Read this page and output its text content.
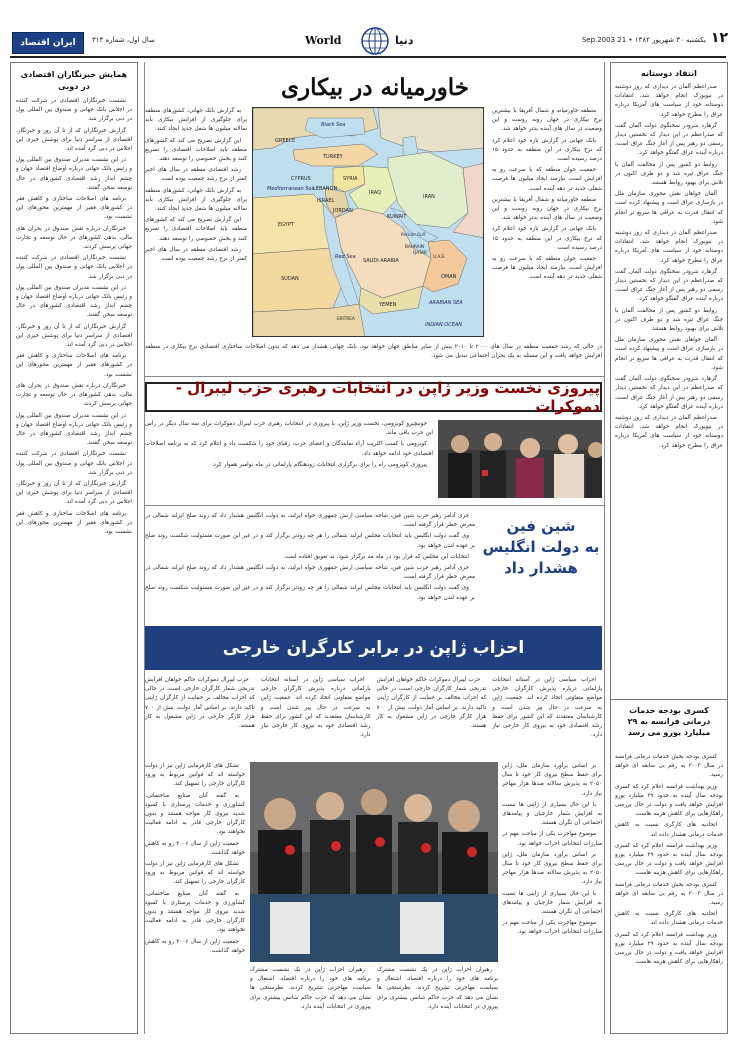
ايران اقتصاد سال اول، شماره ۳۱۴	World	دنیا	یکشنبه ۳۰ شهریور ۱۳۸۲ • 21 Sep.2003 ۱۲
همایش خبرنگاران اقتصادی در دوبی

نشست خبرنگاران اقتصادی در شرکت کننده در اجلاس بانک جهانی و صندوق بین المللی پول در دبی برگزار شد.

گزارش خبرنگاران که از تا آن روز و خبرنگار، اقتصادی از سراسر دنیا برای پوشش خبری این اجلاس در دبی گرد آمده اند.

در این نشست مدیران صندوق بین المللی پول و رئیس بانک جهانی درباره اوضاع اقتصاد جهان و چشم انداز رشد اقتصادی کشورهای در حال توسعه سخن گفتند.

برنامه های اصلاحات ساختاری و کاهش فقر در کشورهای فقیر از مهمترین محورهای این نشست بود.

خبرنگاران درباره نقش صندوق در بحران های مالی، بدهی کشورهای در حال توسعه و تجارت جهانی پرسش کردند.

نشست خبرنگاران اقتصادی در شرکت کننده در اجلاس بانک جهانی و صندوق بین المللی پول در دبی برگزار شد.

در این نشست مدیران صندوق بین المللی پول و رئیس بانک جهانی درباره اوضاع اقتصاد جهان و چشم انداز رشد اقتصادی کشورهای در حال توسعه سخن گفتند.

گزارش خبرنگاران که از تا آن روز و خبرنگار، اقتصادی از سراسر دنیا برای پوشش خبری این اجلاس در دبی گرد آمده اند.

برنامه های اصلاحات ساختاری و کاهش فقر در کشورهای فقیر از مهمترین محورهای این نشست بود.

خبرنگاران درباره نقش صندوق در بحران های مالی، بدهی کشورهای در حال توسعه و تجارت جهانی پرسش کردند.

در این نشست مدیران صندوق بین المللی پول و رئیس بانک جهانی درباره اوضاع اقتصاد جهان و چشم انداز رشد اقتصادی کشورهای در حال توسعه سخن گفتند.

نشست خبرنگاران اقتصادی در شرکت کننده در اجلاس بانک جهانی و صندوق بین المللی پول در دبی برگزار شد.

گزارش خبرنگاران که از تا آن روز و خبرنگار، اقتصادی از سراسر دنیا برای پوشش خبری این اجلاس در دبی گرد آمده اند.

برنامه های اصلاحات ساختاری و کاهش فقر در کشورهای فقیر از مهمترین محورهای این نشست بود.

انتقاد دوستانه

صدراعظم آلمان در دیداری که روز دوشنبه در نیویورک انجام خواهد شد، انتقادات دوستانه خود از سیاست های آمریکا درباره عراق را مطرح خواهد کرد.

گرهارد شرودر سخنگوی دولت آلمان گفت که صدراعظم در این دیدار که نخستین دیدار رسمی دو رهبر پس از آغاز جنگ عراق است، درباره آینده عراق گفتگو خواهد کرد.

روابط دو کشور پس از مخالفت آلمان با جنگ عراق تیره شد و دو طرف اکنون در تلاش برای بهبود روابط هستند.

آلمان خواهان نقش محوری سازمان ملل در بازسازی عراق است و پیشنهاد کرده است که انتقال قدرت به عراقی ها سریع تر انجام شود.

صدراعظم آلمان در دیداری که روز دوشنبه در نیویورک انجام خواهد شد، انتقادات دوستانه خود از سیاست های آمریکا درباره عراق را مطرح خواهد کرد.

گرهارد شرودر سخنگوی دولت آلمان گفت که صدراعظم در این دیدار که نخستین دیدار رسمی دو رهبر پس از آغاز جنگ عراق است، درباره آینده عراق گفتگو خواهد کرد.

روابط دو کشور پس از مخالفت آلمان با جنگ عراق تیره شد و دو طرف اکنون در تلاش برای بهبود روابط هستند.

آلمان خواهان نقش محوری سازمان ملل در بازسازی عراق است و پیشنهاد کرده است که انتقال قدرت به عراقی ها سریع تر انجام شود.

گرهارد شرودر سخنگوی دولت آلمان گفت که صدراعظم در این دیدار که نخستین دیدار رسمی دو رهبر پس از آغاز جنگ عراق است، درباره آینده عراق گفتگو خواهد کرد.

صدراعظم آلمان در دیداری که روز دوشنبه در نیویورک انجام خواهد شد، انتقادات دوستانه خود از سیاست های آمریکا درباره عراق را مطرح خواهد کرد.

کسری بودجه خدمات درمانی فرانسه به ۲۹ میلیارد یورو می رسد

کسری بودجه بخش خدمات درمانی فرانسه در سال ۲۰۰۳ به رقم بی سابقه ای خواهد رسید.

وزیر بهداشت فرانسه اعلام کرد که کسری بودجه سال آینده به حدود ۲۹ میلیارد یورو افزایش خواهد یافت و دولت در حال بررسی راهکارهایی برای کاهش هزینه هاست.

اتحادیه های کارگری نسبت به کاهش خدمات درمانی هشدار داده اند.

وزیر بهداشت فرانسه اعلام کرد که کسری بودجه سال آینده به حدود ۲۹ میلیارد یورو افزایش خواهد یافت و دولت در حال بررسی راهکارهایی برای کاهش هزینه هاست.

کسری بودجه بخش خدمات درمانی فرانسه در سال ۲۰۰۳ به رقم بی سابقه ای خواهد رسید.

اتحادیه های کارگری نسبت به کاهش خدمات درمانی هشدار داده اند.

وزیر بهداشت فرانسه اعلام کرد که کسری بودجه سال آینده به حدود ۲۹ میلیارد یورو افزایش خواهد یافت و دولت در حال بررسی راهکارهایی برای کاهش هزینه هاست.

خاورمیانه در بیکاری

منطقه خاورمیانه و شمال آفریقا با بیشترین نرخ بیکاری در جهان روبه روست و این وضعیت در سال های آینده بدتر خواهد شد.

بانک جهانی در گزارش تازه خود اعلام کرد که نرخ بیکاری در این منطقه به حدود ۱۵ درصد رسیده است.

جمعیت جوان منطقه که با سرعت رو به افزایش است، نیازمند ایجاد میلیون ها فرصت شغلی جدید در دهه آینده است.

منطقه خاورمیانه و شمال آفریقا با بیشترین نرخ بیکاری در جهان روبه روست و این وضعیت در سال های آینده بدتر خواهد شد.

بانک جهانی در گزارش تازه خود اعلام کرد که نرخ بیکاری در این منطقه به حدود ۱۵ درصد رسیده است.

جمعیت جوان منطقه که با سرعت رو به افزایش است، نیازمند ایجاد میلیون ها فرصت شغلی جدید در دهه آینده است.

GREECE
TURKEY
Black Sea
CYPRUS	SYRIA
LEBANON
Mediterranean Sea
IRAQ
IRAN
ISRAEL
JORDAN
KUWAIT
Persian Gulf
EGYPT
BAHRAIN
QATAR
U.A.E.
SAUDI ARABIA
OMAN
Red Sea
SUDAN
YEMEN
ERITREA
ARABIAN SEA
INDIAN OCEAN

به گزارش بانک جهانی، کشورهای منطقه برای جلوگیری از افزایش بیکاری باید سالانه میلیون ها شغل جدید ایجاد کنند.

این گزارش تصریح می کند که کشورهای منطقه باید اصلاحات اقتصادی را تسریع کنند و بخش خصوصی را توسعه دهند.

رشد اقتصادی منطقه در سال های اخیر کمتر از نرخ رشد جمعیت بوده است.

به گزارش بانک جهانی، کشورهای منطقه برای جلوگیری از افزایش بیکاری باید سالانه میلیون ها شغل جدید ایجاد کنند.

این گزارش تصریح می کند که کشورهای منطقه باید اصلاحات اقتصادی را تسریع کنند و بخش خصوصی را توسعه دهند.

رشد اقتصادی منطقه در سال های اخیر کمتر از نرخ رشد جمعیت بوده است.

در حالی که رشد جمعیت منطقه در سال های ۲۰۰۰ تا ۲۰۱۰ بیش از سایر مناطق جهان خواهد بود، بانک جهانی هشدار می دهد که بدون اصلاحات ساختاری اقتصادی نرخ بیکاری در منطقه افزایش خواهد یافت و این مسئله به یک بحران اجتماعی تبدیل می شود.
پیروزی نخست وزیر ژاپن در انتخابات رهبری حزب لیبرال - دموکرات

جونیچیرو کویزومی، نخست وزیر ژاپن، با پیروزی در انتخابات رهبری حزب لیبرال دموکرات برای سه سال دیگر در رأس این حزب باقی ماند.

کویزومی با کسب اکثریت آراء نمایندگان و اعضای حزب، رقبای خود را شکست داد و اعلام کرد که به برنامه اصلاحات اقتصادی خود ادامه خواهد داد.

پیروزی کویزومی راه را برای برگزاری انتخابات زودهنگام پارلمانی در ماه نوامبر هموار کرد.

جری آدامز رهبر حزب شین فین، شاخه سیاسی ارتش جمهوری خواه ایرلند، به دولت انگلیس هشدار داد که روند صلح ایرلند شمالی در معرض خطر قرار گرفته است.

وی گفت دولت انگلیس باید انتخابات مجلس ایرلند شمالی را هر چه زودتر برگزار کند و در غیر این صورت مسئولیت شکست روند صلح بر عهده لندن خواهد بود.

انتخابات این مجلس که قرار بود در ماه مه برگزار شود، به تعویق افتاده است.

جری آدامز رهبر حزب شین فین، شاخه سیاسی ارتش جمهوری خواه ایرلند، به دولت انگلیس هشدار داد که روند صلح ایرلند شمالی در معرض خطر قرار گرفته است.

وی گفت دولت انگلیس باید انتخابات مجلس ایرلند شمالی را هر چه زودتر برگزار کند و در غیر این صورت مسئولیت شکست روند صلح بر عهده لندن خواهد بود.

شین فین
به دولت انگلیس
هشدار داد
احزاب ژاپن در برابر کارگران خارجی

احزاب سیاسی ژاپن در آستانه انتخابات پارلمانی درباره پذیرش کارگران خارجی مواضع متفاوتی اتخاذ کرده اند. جمعیت ژاپن به سرعت در حال پیر شدن است و کارشناسان معتقدند که این کشور برای حفظ رشد اقتصادی خود به نیروی کار خارجی نیاز دارد.

حزب لیبرال دموکرات حاکم خواهان افزایش تدریجی شمار کارگران خارجی است، در حالی که احزاب مخالف بر حمایت از کارگران ژاپنی تاکید دارند. بر اساس آمار دولت، بیش از ۷۰۰ هزار کارگر خارجی در ژاپن مشغول به کار هستند.

احزاب سیاسی ژاپن در آستانه انتخابات پارلمانی درباره پذیرش کارگران خارجی مواضع متفاوتی اتخاذ کرده اند. جمعیت ژاپن به سرعت در حال پیر شدن است و کارشناسان معتقدند که این کشور برای حفظ رشد اقتصادی خود به نیروی کار خارجی نیاز دارد.

حزب لیبرال دموکرات حاکم خواهان افزایش تدریجی شمار کارگران خارجی است، در حالی که احزاب مخالف بر حمایت از کارگران ژاپنی تاکید دارند. بر اساس آمار دولت، بیش از ۷۰۰ هزار کارگر خارجی در ژاپن مشغول به کار هستند.

بر اساس برآورد سازمان ملل، ژاپن برای حفظ سطح نیروی کار خود تا سال ۲۰۵۰ به پذیرش سالانه صدها هزار مهاجر نیاز دارد.

با این حال بسیاری از ژاپنی ها نسبت به افزایش شمار خارجیان و پیامدهای اجتماعی آن نگران هستند.

موضوع مهاجرت یکی از مباحث مهم در مبارزات انتخاباتی احزاب خواهد بود.

بر اساس برآورد سازمان ملل، ژاپن برای حفظ سطح نیروی کار خود تا سال ۲۰۵۰ به پذیرش سالانه صدها هزار مهاجر نیاز دارد.

با این حال بسیاری از ژاپنی ها نسبت به افزایش شمار خارجیان و پیامدهای اجتماعی آن نگران هستند.

موضوع مهاجرت یکی از مباحث مهم در مبارزات انتخاباتی احزاب خواهد بود.

تشکل های کارفرمایی ژاپن نیز از دولت خواسته اند که قوانین مربوط به ورود کارگران خارجی را تسهیل کند.

به گفته آنان صنایع ساختمانی، کشاورزی و خدمات پرستاری با کمبود شدید نیروی کار مواجه هستند و بدون کارگران خارجی قادر به ادامه فعالیت نخواهند بود.

جمعیت ژاپن از سال ۲۰۰۶ رو به کاهش خواهد گذاشت.

تشکل های کارفرمایی ژاپن نیز از دولت خواسته اند که قوانین مربوط به ورود کارگران خارجی را تسهیل کند.

به گفته آنان صنایع ساختمانی، کشاورزی و خدمات پرستاری با کمبود شدید نیروی کار مواجه هستند و بدون کارگران خارجی قادر به ادامه فعالیت نخواهند بود.

جمعیت ژاپن از سال ۲۰۰۶ رو به کاهش خواهد گذاشت.

رهبران احزاب ژاپن در یک نشست مشترک برنامه های خود را درباره اقتصاد، اشتغال و سیاست مهاجرتی تشریح کردند. نظرسنجی ها نشان می دهد که حزب حاکم شانس بیشتری برای پیروزی در انتخابات آینده دارد.

رهبران احزاب ژاپن در یک نشست مشترک برنامه های خود را درباره اقتصاد، اشتغال و سیاست مهاجرتی تشریح کردند. نظرسنجی ها نشان می دهد که حزب حاکم شانس بیشتری برای پیروزی در انتخابات آینده دارد.
